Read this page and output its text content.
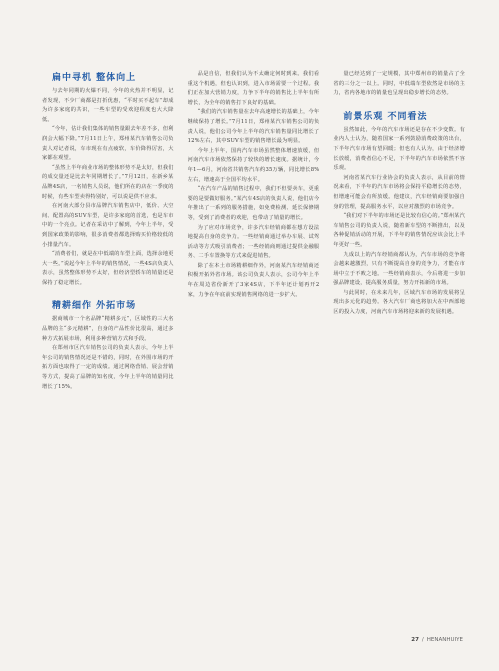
扁中寻机 整体向上

与去年同期的火爆不同，今年的火热并不明显，记者发现，不少厂商都是打折优惠，“平时买不起车”却成为许多家庭的共识，一些车型的受欢迎程度也大大降低。

“今年，估计我们集体的销售量跟去年差不多，但利润会大幅下降。”7月11日上午，郑州某汽车销售公司负责人对记者说，车市现在有点疲软，车价降得厉害，大家都在观望。

“虽然上半年商业市场的整体形势不是太好，但我们的成交量还是比去年同期增长了。”7月12日，在新乡某品牌4S店，一名销售人员说，他们所在的店在一季度的时候，有些车型卖得特别好，可以说是供不应求。

在河南大部分县市品牌汽车销售店中，低价、大空间、配置高的SUV车型，是许多家庭的首选，也是车市中的一个亮点。记者在采访中了解到，今年上半年，受到国家政策的影响，很多消费者都选择购买价格较低的小排量汽车。

“消费者们，就是在中低端的车型上面，选择余地更大一些。”说起今年上半年的销售情况，一些4S店负责人表示，虽然整体形势不太好，但经济型轿车的销量还是保持了稳定增长。

精耕细作 外拓市场

据商城市一个名品牌“精耕多元”，区域性的三大名品牌的主“多元精耕”，自身的产品性价比很高，通过多种方式拓展市场，利用多种营销方式和手段。

在郑州市区汽车销售公司的负责人表示，今年上半年公司的销售情况还是不错的，同时，在外围市场的开拓方面也取得了一定的成绩。通过网络营销、展会营销等方式，提高了品牌的知名度，今年上半年的销量同比增长了15%。

品是自信，但我们认为不太确定何时到来。我们看重这个机遇，但也认识到，进入市场需要一个过程。我们正在加大营销力度，力争下半年的销售比上半年有所增长，为全年的销售打下良好的基础。

“我们的汽车销售量在去年高速增长的基础上，今年继续保持了增长。”7月11日，郑州某汽车销售公司的负责人说，他们公司今年上半年的汽车销售量同比增长了12%左右，其中SUV车型的销售增长最为明显。

今年上半年，国内汽车市场虽然整体增速放缓，但河南汽车市场依然保持了较快的增长速度。据统计，今年1—6月，河南省共销售汽车约35万辆，同比增长8%左右，增速高于全国平均水平。

“在汽车产品的销售过程中，我们不但要卖车，更重要的是要做好服务。”某汽车4S店的负责人说，他们店今年推出了一系列的服务措施，如免费检测、延长保修期等，受到了消费者的欢迎，也带动了销量的增长。

为了应对市场竞争，许多汽车经销商都在想方设法地提高自身的竞争力。一些经销商通过举办车展、试驾活动等方式吸引消费者；一些经销商则通过提供金融服务、二手车置换等方式来促进销售。

除了在本土市场精耕细作外，河南某汽车经销商还积极开拓外省市场。该公司负责人表示，公司今年上半年在周边省份新开了3家4S店，下半年还计划再开2家，力争在年底前实现销售网络的进一步扩大。

量已经达到了一定规模，其中郑州市的销量占了全省的三分之一以上。同时，中低端车型依然是市场的主力，省内各地市的销量也呈现出稳步增长的态势。

前景乐观 不同看法

虽然如此，今年的汽车市场还是存在不少变数。有业内人士认为，随着国家一系列鼓励消费政策的出台，下半年汽车市场有望回暖；但也有人认为，由于经济增长放缓，消费者信心不足，下半年的汽车市场依然不容乐观。

河南省某汽车行业协会的负责人表示，从目前的情况来看，下半年的汽车市场将会保持平稳增长的态势，但增速可能会有所放缓。他建议，汽车经销商要加强自身的管理，提高服务水平，以应对激烈的市场竞争。

“我们对下半年的市场还是比较有信心的。”郑州某汽车销售公司的负责人说，随着新车型的不断推出，以及各种促销活动的开展，下半年的销售情况应该会比上半年更好一些。

九成以上的汽车经销商都认为，汽车市场的竞争将会越来越激烈，只有不断提高自身的竞争力，才能在市场中立于不败之地。一些经销商表示，今后将进一步加强品牌建设，提高服务质量，努力开拓新的市场。

与此同时，在未来几年，区域汽车市场的发展将呈现出多元化的趋势。各大汽车厂商也将加大在中西部地区的投入力度，河南汽车市场将迎来新的发展机遇。

27 / HENANHUIYE
